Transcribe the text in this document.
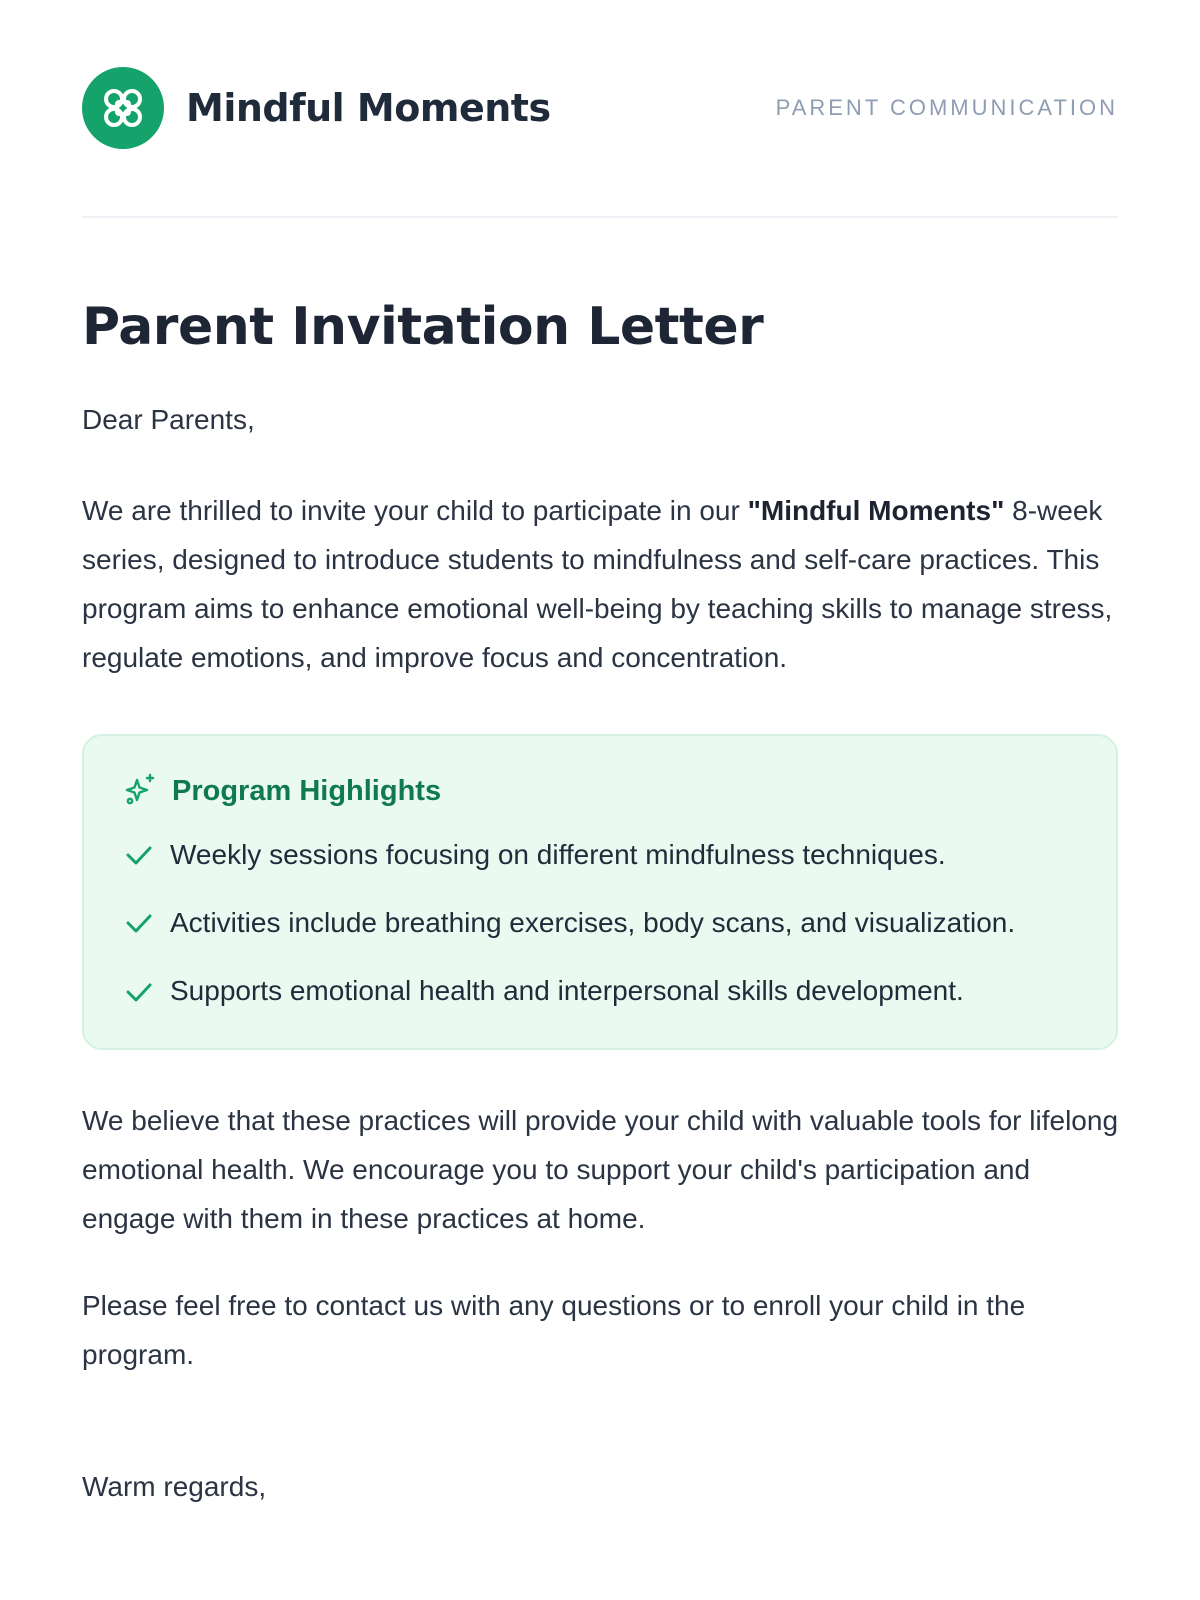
Mindful Moments	PARENT COMMUNICATION
Parent Invitation Letter

Dear Parents,

We are thrilled to invite your child to participate in our "Mindful Moments" 8-week series, designed to introduce students to mindfulness and self-care practices. This program aims to enhance emotional well-being by teaching skills to manage stress, regulate emotions, and improve focus and concentration.

Program Highlights
Weekly sessions focusing on different mindfulness techniques.
Activities include breathing exercises, body scans, and visualization.
Supports emotional health and interpersonal skills development.

We believe that these practices will provide your child with valuable tools for lifelong emotional health. We encourage you to support your child's participation and engage with them in these practices at home.

Please feel free to contact us with any questions or to enroll your child in the program.

Warm regards,
